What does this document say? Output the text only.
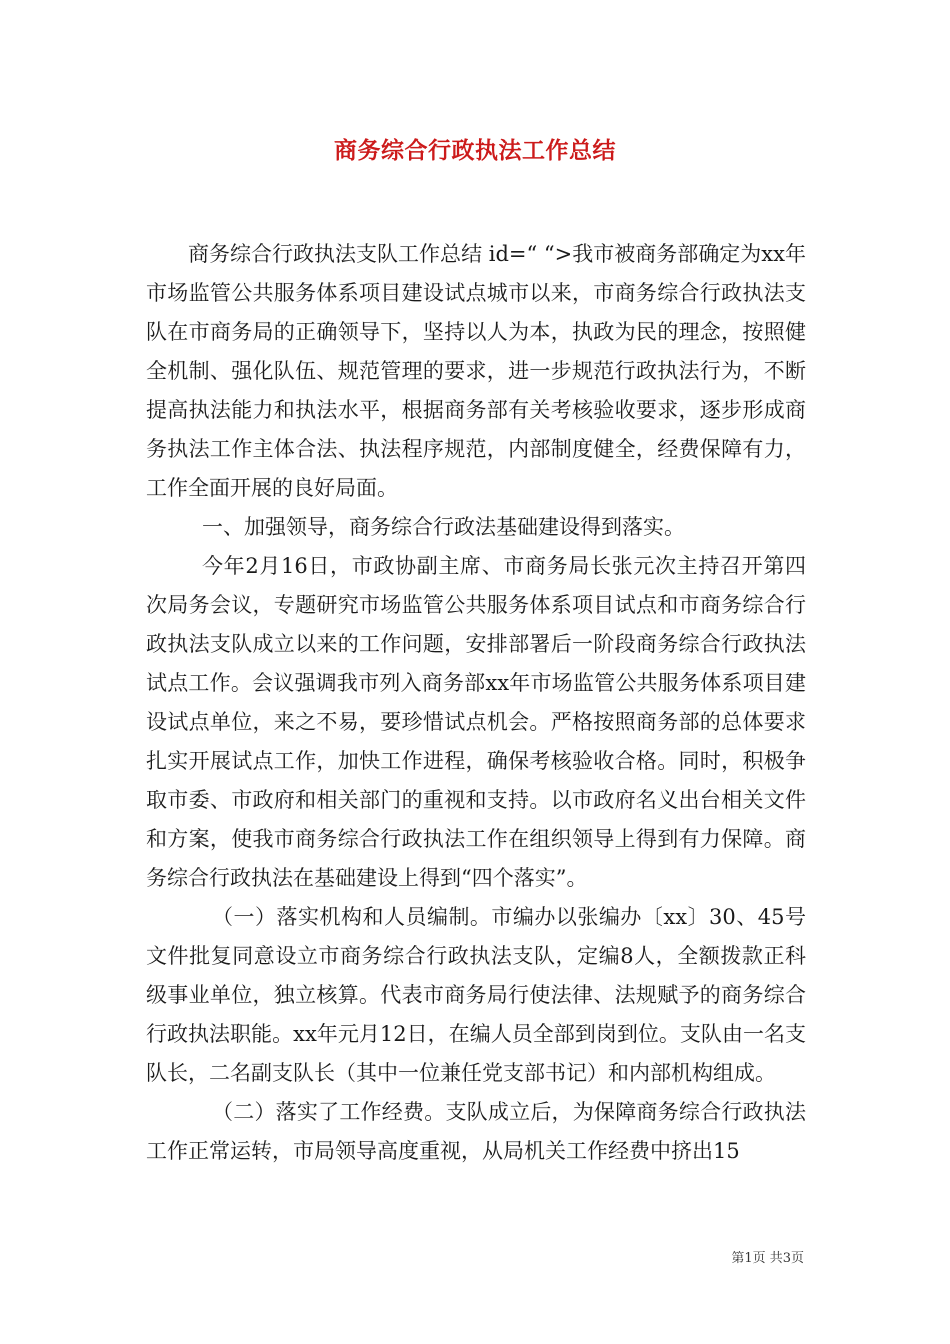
商务综合行政执法工作总结

商务综合行政执法支队工作总结 id=“ “>我市被商务部确定为xx年市场监管公共服务体系项目建设试点城市以来，市商务综合行政执法支队在市商务局的正确领导下，坚持以人为本，执政为民的理念，按照健全机制、强化队伍、规范管理的要求，进一步规范行政执法行为，不断提高执法能力和执法水平，根据商务部有关考核验收要求，逐步形成商务执法工作主体合法、执法程序规范，内部制度健全，经费保障有力，工作全面开展的良好局面。

一、加强领导，商务综合行政法基础建设得到落实。

今年2月16日，市政协副主席、市商务局长张元次主持召开第四次局务会议，专题研究市场监管公共服务体系项目试点和市商务综合行政执法支队成立以来的工作问题，安排部署后一阶段商务综合行政执法试点工作。会议强调我市列入商务部xx年市场监管公共服务体系项目建设试点单位，来之不易，要珍惜试点机会。严格按照商务部的总体要求扎实开展试点工作，加快工作进程，确保考核验收合格。同时，积极争取市委、市政府和相关部门的重视和支持。以市政府名义出台相关文件和方案，使我市商务综合行政执法工作在组织领导上得到有力保障。商务综合行政执法在基础建设上得到“四个落实”。

（一）落实机构和人员编制。市编办以张编办〔xx〕30、45号文件批复同意设立市商务综合行政执法支队，定编8人，全额拨款正科级事业单位，独立核算。代表市商务局行使法律、法规赋予的商务综合行政执法职能。xx年元月12日，在编人员全部到岗到位。支队由一名支队长，二名副支队长（其中一位兼任党支部书记）和内部机构组成。

（二）落实了工作经费。支队成立后，为保障商务综合行政执法工作正常运转，市局领导高度重视，从局机关工作经费中挤出15

第1页 共3页
